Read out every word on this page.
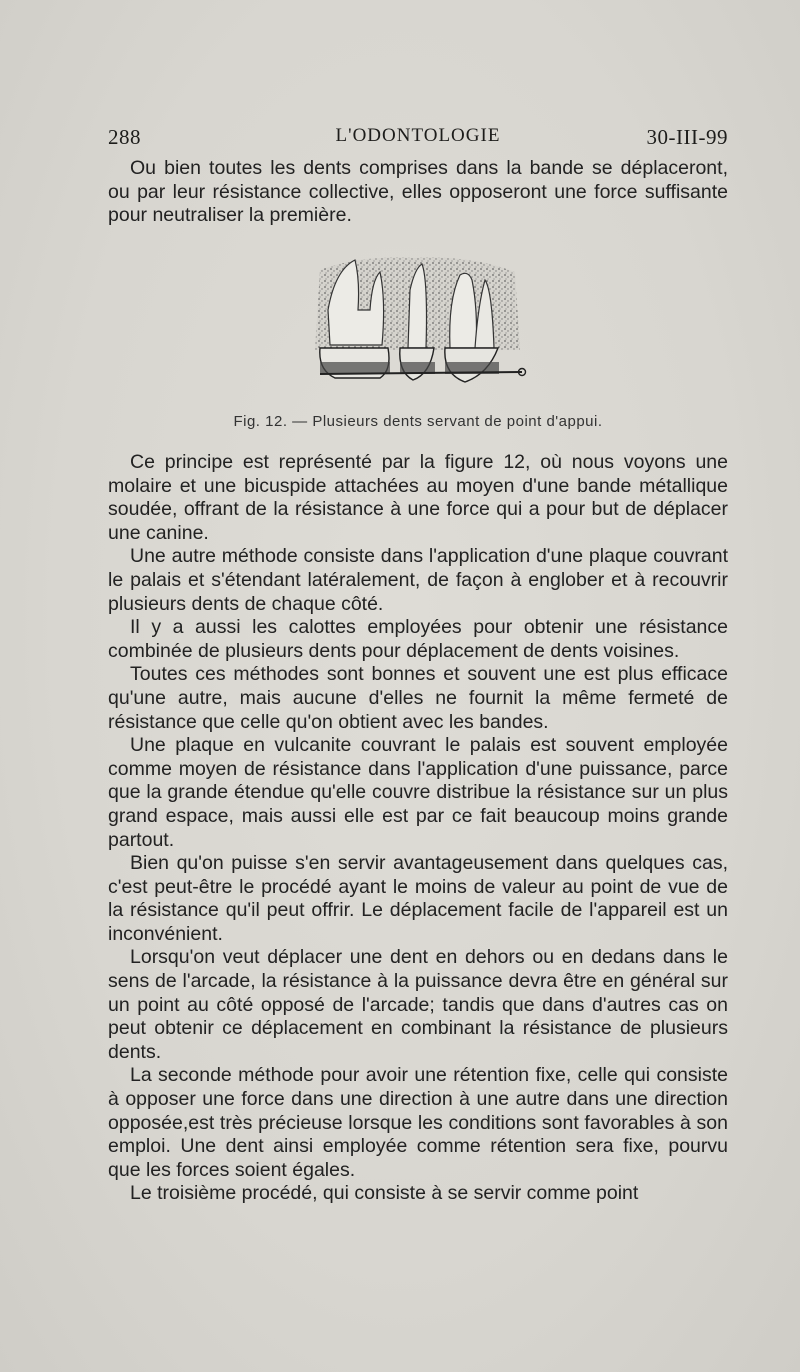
288	L'ODONTOLOGIE	30-III-99

Ou bien toutes les dents comprises dans la bande se déplaceront, ou par leur résistance collective, elles opposeront une force suffisante pour neutraliser la première.

Fig. 12. — Plusieurs dents servant de point d'appui.

Ce principe est représenté par la figure 12, où nous voyons une molaire et une bicuspide attachées au moyen d'une bande métallique soudée, offrant de la résistance à une force qui a pour but de déplacer une canine.

Une autre méthode consiste dans l'application d'une plaque couvrant le palais et s'étendant latéralement, de façon à englober et à recouvrir plusieurs dents de chaque côté.

Il y a aussi les calottes employées pour obtenir une résistance combinée de plusieurs dents pour déplacement de dents voisines.

Toutes ces méthodes sont bonnes et souvent une est plus efficace qu'une autre, mais aucune d'elles ne fournit la même fermeté de résistance que celle qu'on obtient avec les bandes.

Une plaque en vulcanite couvrant le palais est souvent employée comme moyen de résistance dans l'application d'une puissance, parce que la grande étendue qu'elle couvre distribue la résistance sur un plus grand espace, mais aussi elle est par ce fait beaucoup moins grande partout.

Bien qu'on puisse s'en servir avantageusement dans quelques cas, c'est peut-être le procédé ayant le moins de valeur au point de vue de la résistance qu'il peut offrir. Le déplacement facile de l'appareil est un inconvénient.

Lorsqu'on veut déplacer une dent en dehors ou en dedans dans le sens de l'arcade, la résistance à la puissance devra être en général sur un point au côté opposé de l'arcade; tandis que dans d'autres cas on peut obtenir ce déplacement en combinant la résistance de plusieurs dents.

La seconde méthode pour avoir une rétention fixe, celle qui consiste à opposer une force dans une direction à une autre dans une direction opposée,est très précieuse lorsque les conditions sont favorables à son emploi. Une dent ainsi employée comme rétention sera fixe, pourvu que les forces soient égales.

Le troisième procédé, qui consiste à se servir comme point
